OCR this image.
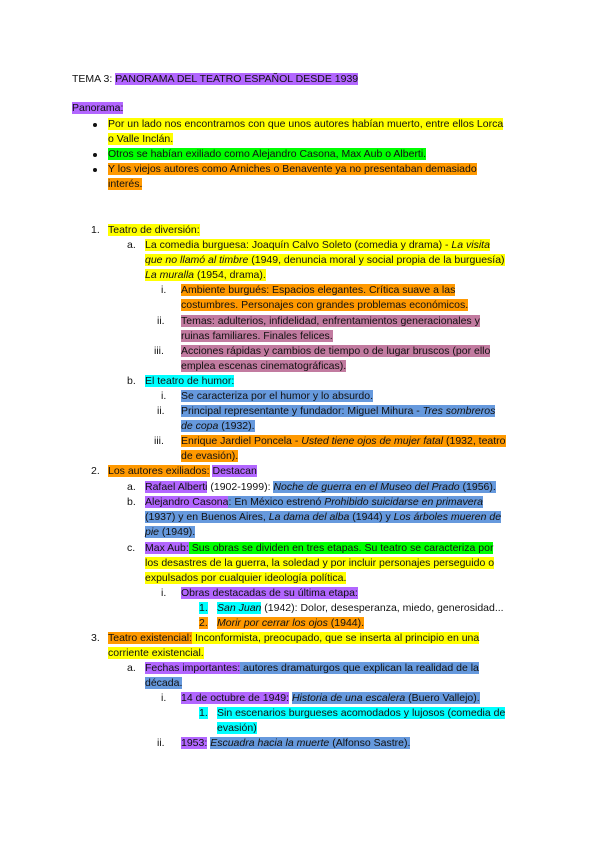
TEMA 3: PANORAMA DEL TEATRO ESPAÑOL DESDE 1939
Panorama:
Por un lado nos encontramos con que unos autores habían muerto, entre ellos Lorca
o Valle Inclán.
Otros se habían exiliado como Alejandro Casona, Max Aub o Alberti.
Y los viejos autores como Arniches o Benavente ya no presentaban demasiado
interés.
1. Teatro de diversión:
a. La comedia burguesa: Joaquín Calvo Soleto (comedia y drama) - La visita
que no llamó al timbre (1949, denuncia moral y social propia de la burguesía)
La muralla (1954, drama).
i. Ambiente burgués: Espacios elegantes. Crítica suave a las
costumbres. Personajes con grandes problemas económicos.
ii. Temas: adulterios, infidelidad, enfrentamientos generacionales y
ruinas familiares. Finales felices.
iii. Acciones rápidas y cambios de tiempo o de lugar bruscos (por ello
emplea escenas cinematográficas).
b. El teatro de humor:
i. Se caracteriza por el humor y lo absurdo.
ii. Principal representante y fundador: Miguel Mihura - Tres sombreros
de copa (1932).
iii. Enrique Jardiel Poncela - Usted tiene ojos de mujer fatal (1932, teatro
de evasión).
2. Los autores exiliados: Destacan
a. Rafael Alberti (1902-1999): Noche de guerra en el Museo del Prado (1956).
b. Alejandro Casona: En México estrenó Prohibido suicidarse en primavera
(1937) y en Buenos Aires, La dama del alba (1944) y Los árboles mueren de
pie (1949).
c. Max Aub: Sus obras se dividen en tres etapas. Su teatro se caracteriza por
los desastres de la guerra, la soledad y por incluir personajes perseguido o
expulsados por cualquier ideología política.
i. Obras destacadas de su última etapa:
1. San Juan (1942): Dolor, desesperanza, miedo, generosidad...
2. Morir por cerrar los ojos (1944).
3. Teatro existencial: Inconformista, preocupado, que se inserta al principio en una
corriente existencial.
a. Fechas importantes: autores dramaturgos que explican la realidad de la
década.
i. 14 de octubre de 1949: Historia de una escalera (Buero Vallejo).
1. Sin escenarios burgueses acomodados y lujosos (comedia de
evasión)
ii. 1953: Escuadra hacia la muerte (Alfonso Sastre).
